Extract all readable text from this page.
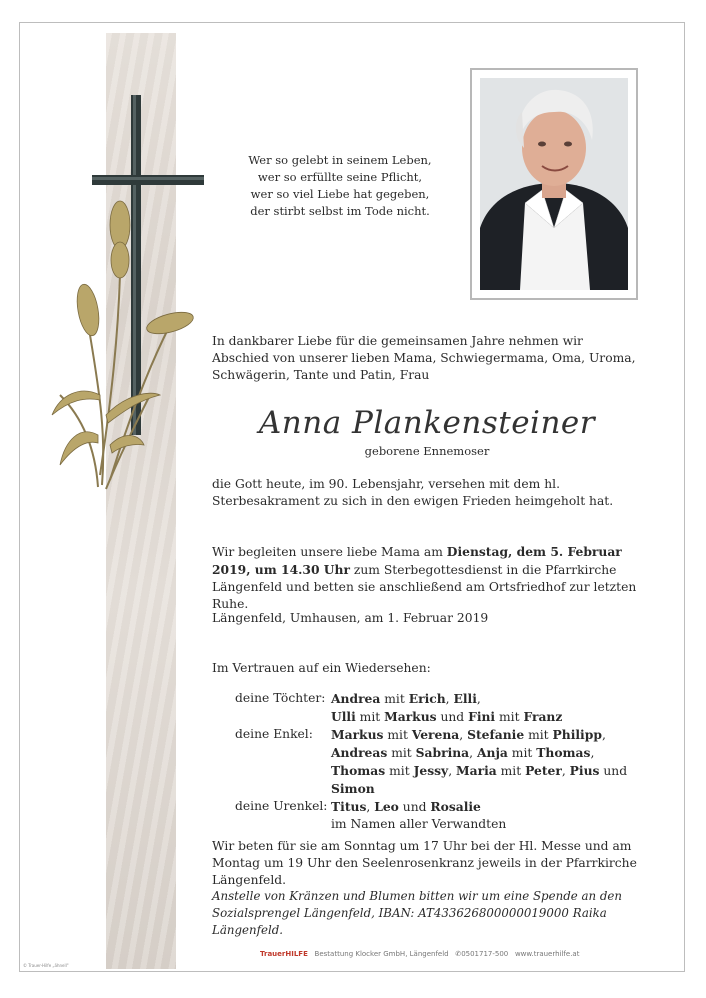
Wer so gelebt in seinem Leben,
wer so erfüllte seine Pflicht,
wer so viel Liebe hat gegeben,
der stirbt selbst im Tode nicht.
In dankbarer Liebe für die gemeinsamen Jahre nehmen wir Abschied von unserer lieben Mama, Schwiegermama, Oma, Uroma, Schwägerin, Tante und Patin, Frau
Anna Plankensteiner
geborene Ennemoser
die Gott heute, im 90. Lebensjahr, versehen mit dem hl. Sterbesakrament zu sich in den ewigen Frieden heimgeholt hat.
Wir begleiten unsere liebe Mama am Dienstag, dem 5. Februar 2019, um 14.30 Uhr zum Sterbegottesdienst in die Pfarrkirche Längenfeld und betten sie anschließend am Ortsfriedhof zur letzten Ruhe.
Längenfeld, Umhausen, am 1. Februar 2019
Im Vertrauen auf ein Wiedersehen:
deine Töchter:	Andrea mit Erich, Elli,
	Ulli mit Markus und Fini mit Franz
deine Enkel:	Markus mit Verena, Stefanie mit Philipp,
	Andreas mit Sabrina, Anja mit Thomas,
	Thomas mit Jessy, Maria mit Peter, Pius und Simon
deine Urenkel:	Titus, Leo und Rosalie
	im Namen aller Verwandten
Wir beten für sie am Sonntag um 17 Uhr bei der Hl. Messe und am Montag um 19 Uhr den Seelenrosenkranz jeweils in der Pfarrkirche Längenfeld.
Anstelle von Kränzen und Blumen bitten wir um eine Spende an den Sozialsprengel Längenfeld, IBAN: AT433626800000019000 Raika Längenfeld.
TrauerHILFE Bestattung Klocker GmbH, Längenfeld ✆0501717-500 www.trauerhilfe.at
© Trauer-Hilfe „ähnell"
